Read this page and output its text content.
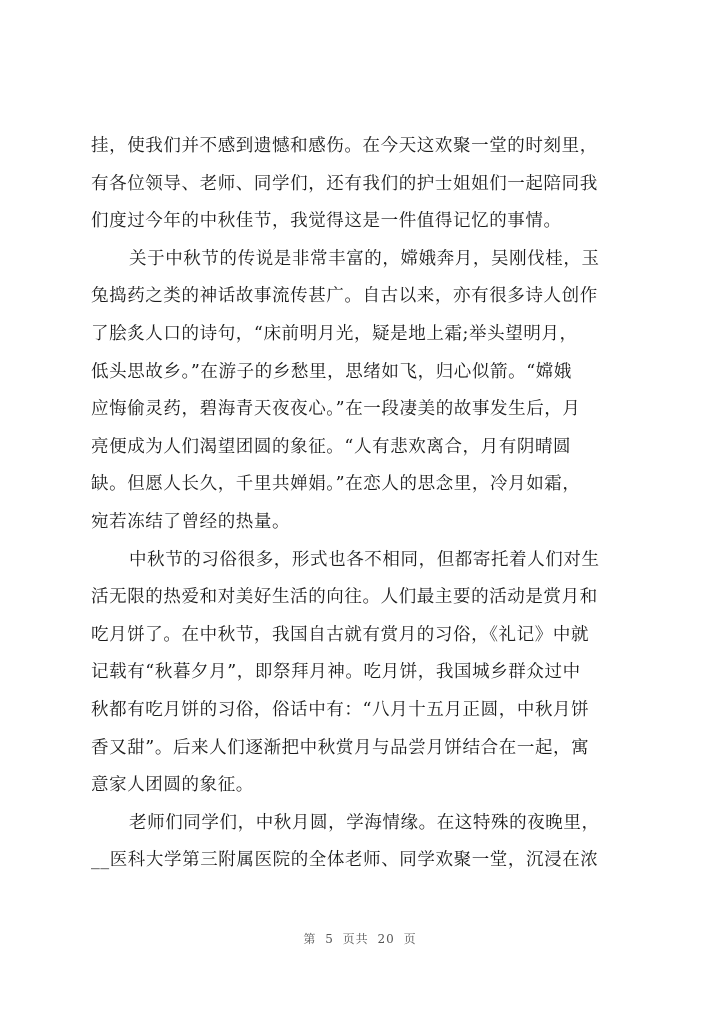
挂，使我们并不感到遗憾和感伤。在今天这欢聚一堂的时刻里，
有各位领导、老师、同学们，还有我们的护士姐姐们一起陪同我
们度过今年的中秋佳节，我觉得这是一件值得记忆的事情。
关于中秋节的传说是非常丰富的，嫦娥奔月，吴刚伐桂，玉
兔捣药之类的神话故事流传甚广。自古以来，亦有很多诗人创作
了脍炙人口的诗句，“床前明月光，疑是地上霜;举头望明月，
低头思故乡。”在游子的乡愁里，思绪如飞，归心似箭。“嫦娥
应悔偷灵药，碧海青天夜夜心。”在一段凄美的故事发生后，月
亮便成为人们渴望团圆的象征。“人有悲欢离合，月有阴晴圆
缺。但愿人长久，千里共婵娟。”在恋人的思念里，冷月如霜，
宛若冻结了曾经的热量。
中秋节的习俗很多，形式也各不相同，但都寄托着人们对生
活无限的热爱和对美好生活的向往。人们最主要的活动是赏月和
吃月饼了。在中秋节，我国自古就有赏月的习俗，《礼记》中就
记载有“秋暮夕月”，即祭拜月神。吃月饼，我国城乡群众过中
秋都有吃月饼的习俗，俗话中有：“八月十五月正圆，中秋月饼
香又甜”。后来人们逐渐把中秋赏月与品尝月饼结合在一起，寓
意家人团圆的象征。
老师们同学们，中秋月圆，学海情缘。在这特殊的夜晚里，
__医科大学第三附属医院的全体老师、同学欢聚一堂，沉浸在浓
第 5 页共 20 页
